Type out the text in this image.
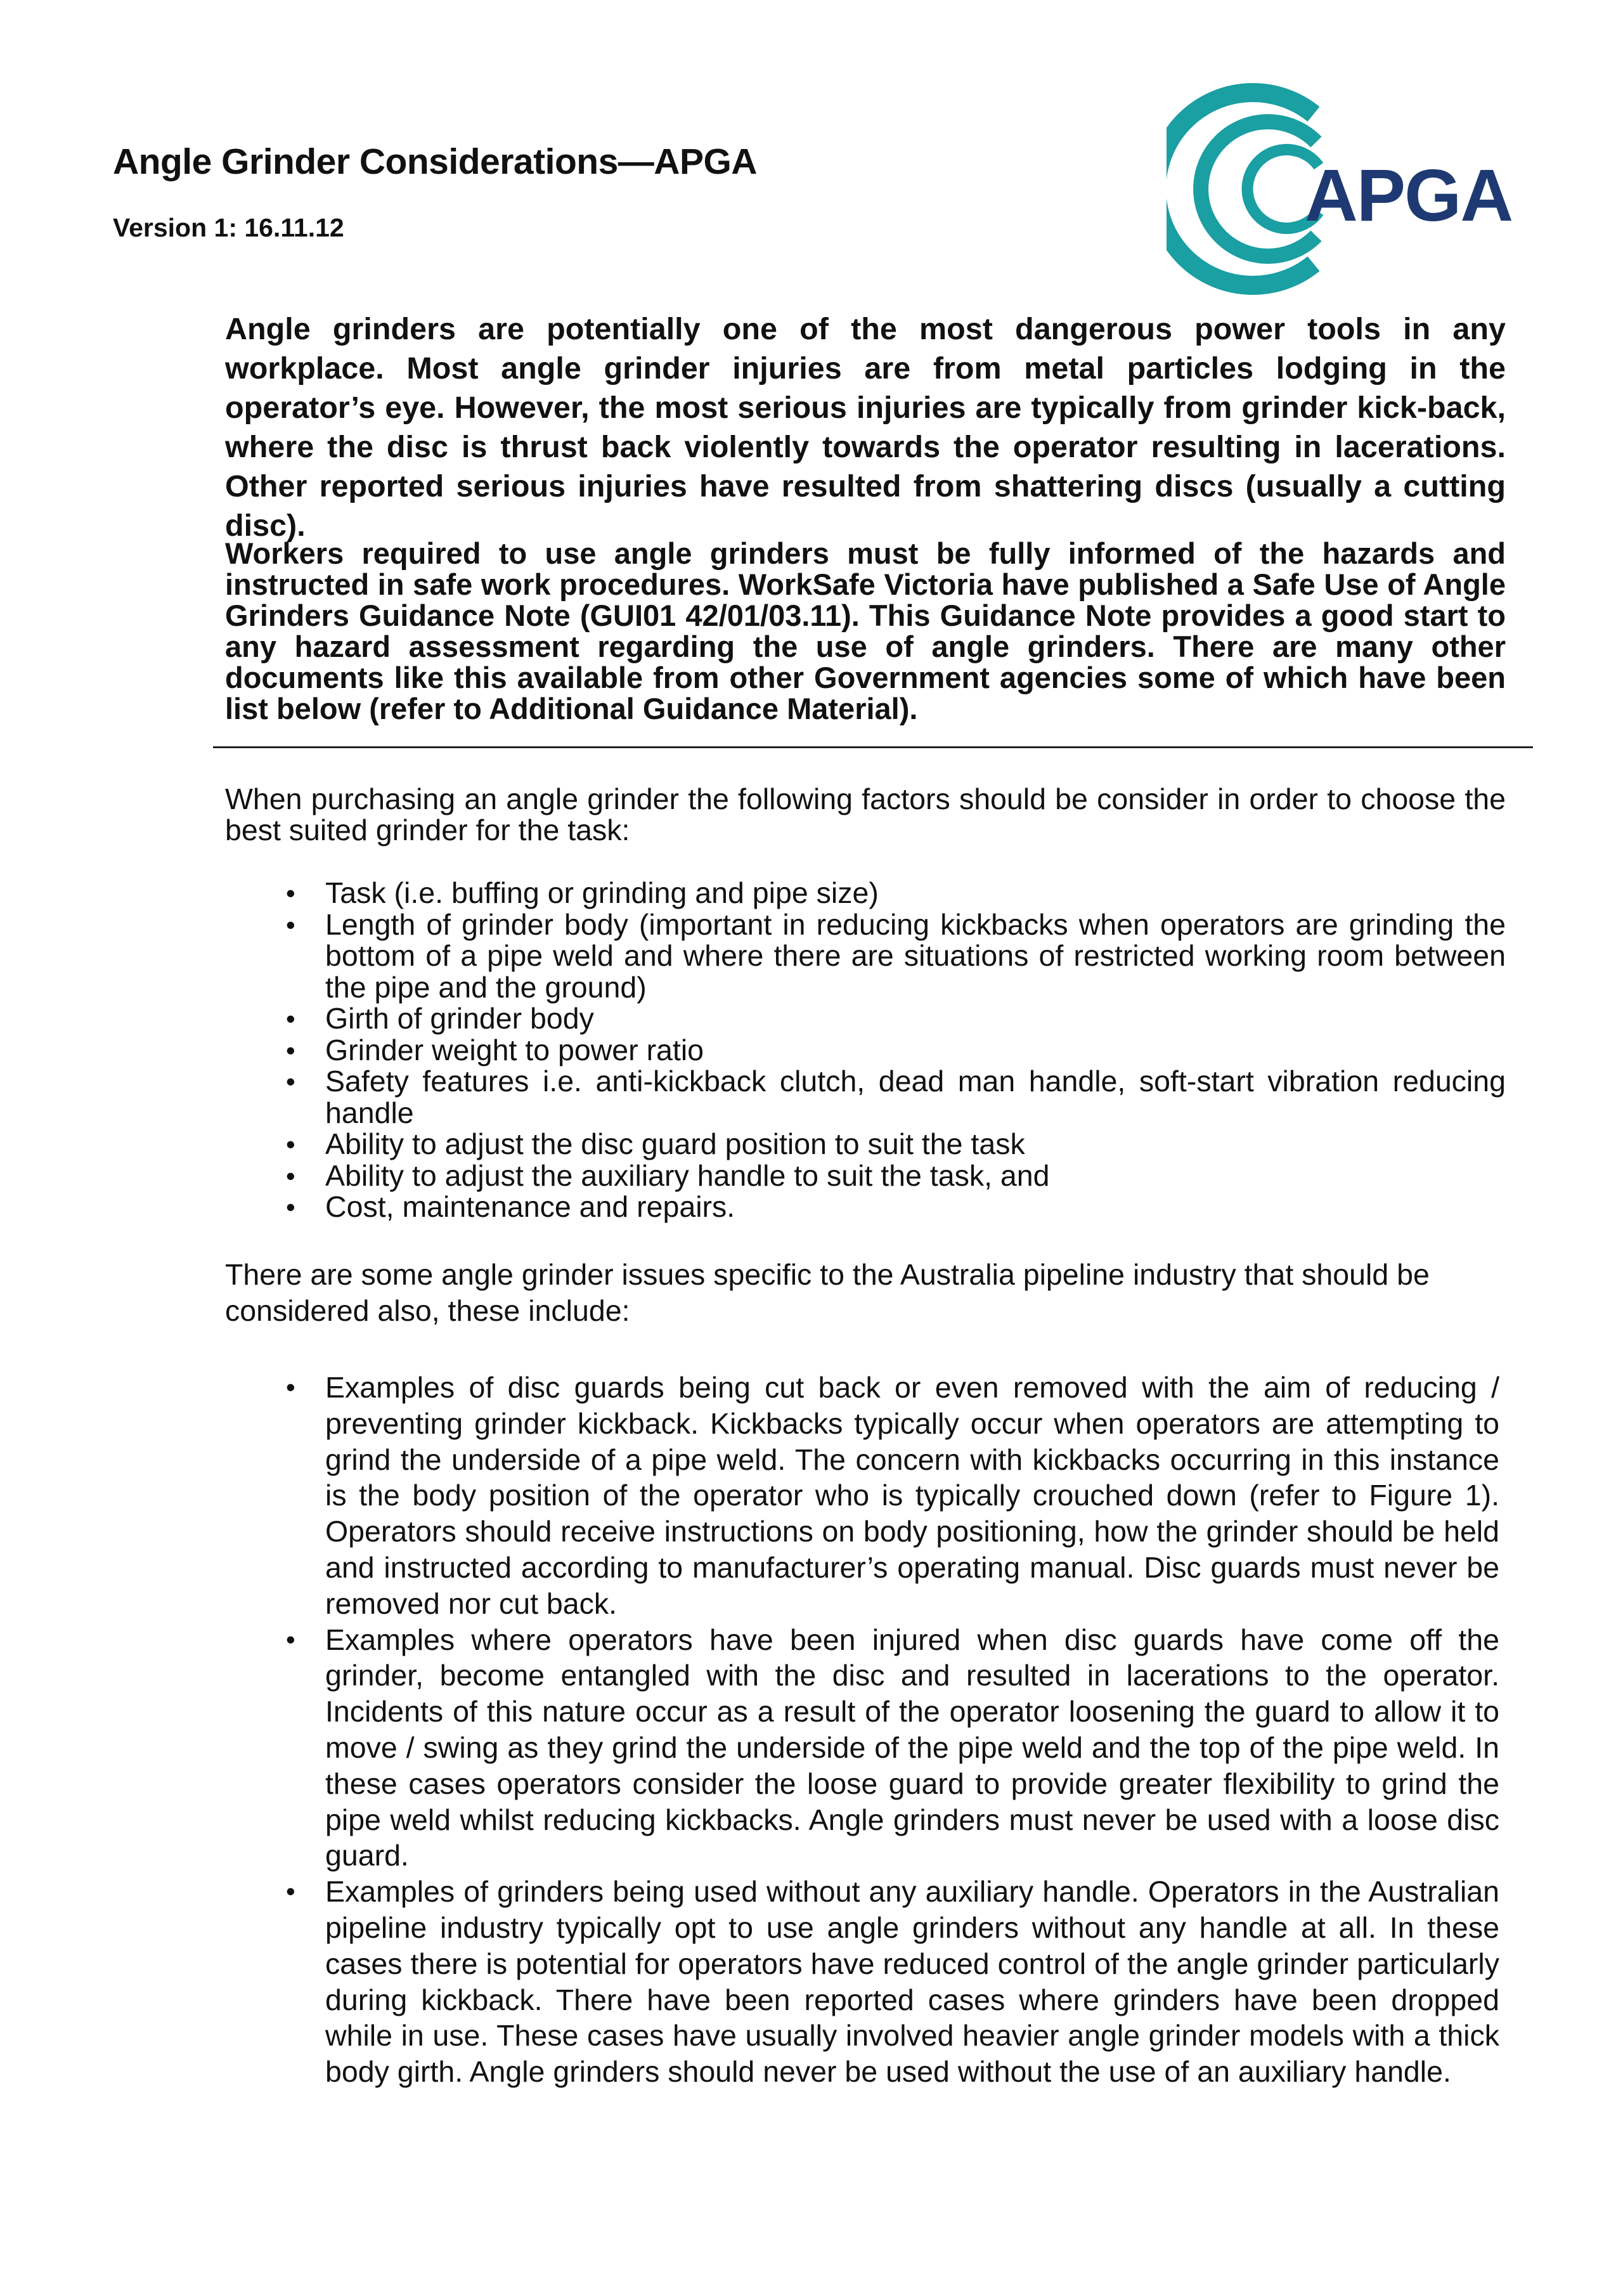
Angle Grinder Considerations—APGA
Version 1: 16.11.12	APGA
Angle grinders are potentially one of the most dangerous power tools in any workplace. Most angle grinder injuries are from metal particles lodging in the operator’s eye. However, the most serious injuries are typically from grinder kick-back, where the disc is thrust back violently towards the operator resulting in lacerations. Other reported serious injuries have resulted from shattering discs (usually a cutting disc).
Workers required to use angle grinders must be fully informed of the hazards and instructed in safe work procedures. WorkSafe Victoria have published a Safe Use of Angle Grinders Guidance Note (GUI01 42/01/03.11). This Guidance Note provides a good start to any hazard assessment regarding the use of angle grinders. There are many other documents like this available from other Government agencies some of which have been list below (refer to Additional Guidance Material).
When purchasing an angle grinder the following factors should be consider in order to choose the best suited grinder for the task:
• Task (i.e. buffing or grinding and pipe size)
• Length of grinder body (important in reducing kickbacks when operators are grinding the bottom of a pipe weld and where there are situations of restricted working room between the pipe and the ground)
• Girth of grinder body
• Grinder weight to power ratio
• Safety features i.e. anti-kickback clutch, dead man handle, soft-start vibration reducing handle
• Ability to adjust the disc guard position to suit the task
• Ability to adjust the auxiliary handle to suit the task, and
• Cost, maintenance and repairs.
There are some angle grinder issues specific to the Australia pipeline industry that should be considered also, these include:
• Examples of disc guards being cut back or even removed with the aim of reducing / preventing grinder kickback. Kickbacks typically occur when operators are attempting to grind the underside of a pipe weld. The concern with kickbacks occurring in this instance is the body position of the operator who is typically crouched down (refer to Figure 1). Operators should receive instructions on body positioning, how the grinder should be held and instructed according to manufacturer’s operating manual. Disc guards must never be removed nor cut back.
• Examples where operators have been injured when disc guards have come off the grinder, become entangled with the disc and resulted in lacerations to the operator. Incidents of this nature occur as a result of the operator loosening the guard to allow it to move / swing as they grind the underside of the pipe weld and the top of the pipe weld. In these cases operators consider the loose guard to provide greater flexibility to grind the pipe weld whilst reducing kickbacks. Angle grinders must never be used with a loose disc guard.
• Examples of grinders being used without any auxiliary handle. Operators in the Australian pipeline industry typically opt to use angle grinders without any handle at all. In these cases there is potential for operators have reduced control of the angle grinder particularly during kickback. There have been reported cases where grinders have been dropped while in use. These cases have usually involved heavier angle grinder models with a thick body girth. Angle grinders should never be used without the use of an auxiliary handle.
